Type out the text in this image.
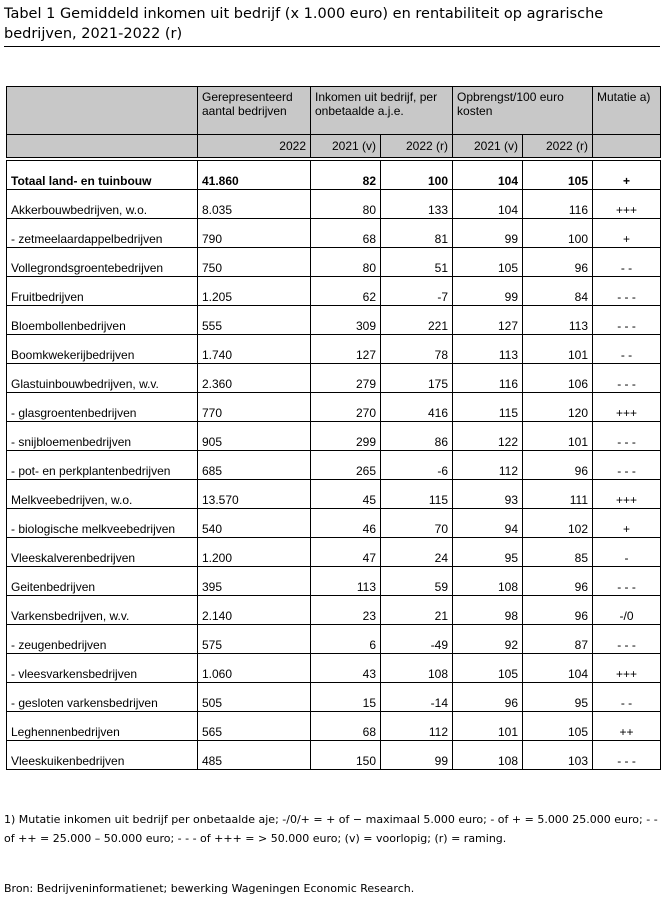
Tabel 1 Gemiddeld inkomen uit bedrijf (x 1.000 euro) en rentabiliteit op agrarische bedrijven, 2021-2022 (r)
	Gerepresenteerd aantal bedrijven	Inkomen uit bedrijf, per onbetaalde a.j.e.		Opbrengst/100 euro kosten		Mutatie a)
	2022	2021 (v)	2022 (r)	2021 (v)	2022 (r)	
Totaal land- en tuinbouw	41.860	82	100	104	105	+
Akkerbouwbedrijven, w.o.	8.035	80	133	104	116	+++
- zetmeelaardappelbedrijven	790	68	81	99	100	+
Vollegrondsgroentebedrijven	750	80	51	105	96	- -
Fruitbedrijven	1.205	62	-7	99	84	- - -
Bloembollenbedrijven	555	309	221	127	113	- - -
Boomkwekerijbedrijven	1.740	127	78	113	101	- -
Glastuinbouwbedrijven, w.v.	2.360	279	175	116	106	- - -
- glasgroentenbedrijven	770	270	416	115	120	+++
- snijbloemenbedrijven	905	299	86	122	101	- - -
- pot- en perkplantenbedrijven	685	265	-6	112	96	- - -
Melkveebedrijven, w.o.	13.570	45	115	93	111	+++
- biologische melkveebedrijven	540	46	70	94	102	+
Vleeskalverenbedrijven	1.200	47	24	95	85	-
Geitenbedrijven	395	113	59	108	96	- - -
Varkensbedrijven, w.v.	2.140	23	21	98	96	-/0
- zeugenbedrijven	575	6	-49	92	87	- - -
- vleesvarkensbedrijven	1.060	43	108	105	104	+++
- gesloten varkensbedrijven	505	15	-14	96	95	- -
Leghennenbedrijven	565	68	112	101	105	++
Vleeskuikenbedrijven	485	150	99	108	103	- - -
1) Mutatie inkomen uit bedrijf per onbetaalde aje; -/0/+ = + of − maximaal 5.000 euro; - of + = 5.000 25.000 euro; - - of ++ = 25.000 – 50.000 euro; - - - of +++ = > 50.000 euro; (v) = voorlopig; (r) = raming.
Bron: Bedrijveninformatienet; bewerking Wageningen Economic Research.
